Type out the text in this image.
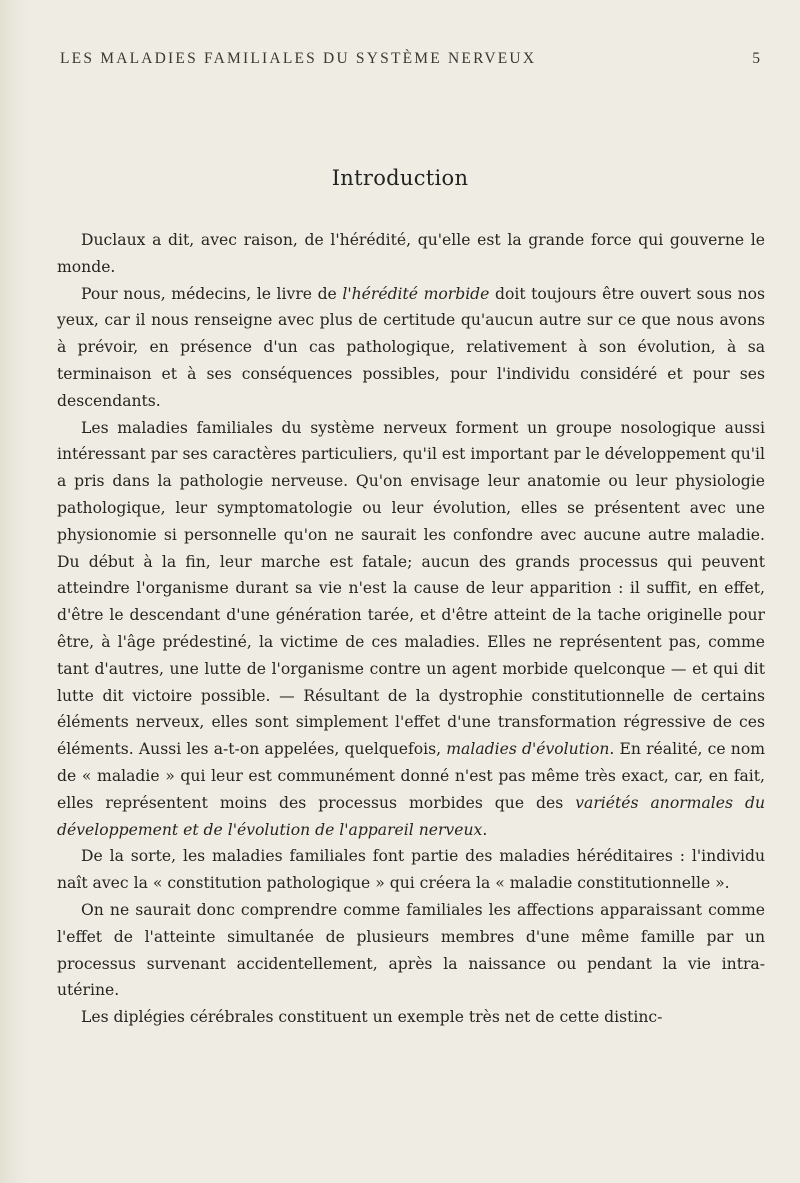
LES MALADIES FAMILIALES DU SYSTÈME NERVEUX	5
Introduction

Duclaux a dit, avec raison, de l'hérédité, qu'elle est la grande force qui gouverne le monde.

Pour nous, médecins, le livre de l'hérédité morbide doit toujours être ouvert sous nos yeux, car il nous renseigne avec plus de certitude qu'aucun autre sur ce que nous avons à prévoir, en présence d'un cas pathologique, relativement à son évolution, à sa terminaison et à ses conséquences possibles, pour l'individu considéré et pour ses descendants.

Les maladies familiales du système nerveux forment un groupe nosologique aussi intéressant par ses caractères particuliers, qu'il est important par le développement qu'il a pris dans la pathologie nerveuse. Qu'on envisage leur anatomie ou leur physiologie pathologique, leur symptomatologie ou leur évolution, elles se présentent avec une physionomie si personnelle qu'on ne saurait les confondre avec aucune autre maladie. Du début à la fin, leur marche est fatale; aucun des grands processus qui peuvent atteindre l'organisme durant sa vie n'est la cause de leur apparition : il suffit, en effet, d'être le descendant d'une génération tarée, et d'être atteint de la tache originelle pour être, à l'âge prédestiné, la victime de ces maladies. Elles ne représentent pas, comme tant d'autres, une lutte de l'organisme contre un agent morbide quelconque — et qui dit lutte dit victoire possible. — Résultant de la dystrophie constitutionnelle de certains éléments nerveux, elles sont simplement l'effet d'une transformation régressive de ces éléments. Aussi les a-t-on appelées, quelquefois, maladies d'évolution. En réalité, ce nom de « maladie » qui leur est communément donné n'est pas même très exact, car, en fait, elles représentent moins des processus morbides que des variétés anormales du développement et de l'évolution de l'appareil nerveux.

De la sorte, les maladies familiales font partie des maladies héréditaires : l'individu naît avec la « constitution pathologique » qui créera la « maladie constitutionnelle ».

On ne saurait donc comprendre comme familiales les affections apparaissant comme l'effet de l'atteinte simultanée de plusieurs membres d'une même famille par un processus survenant accidentellement, après la naissance ou pendant la vie intra-utérine.

Les diplégies cérébrales constituent un exemple très net de cette distinc-
